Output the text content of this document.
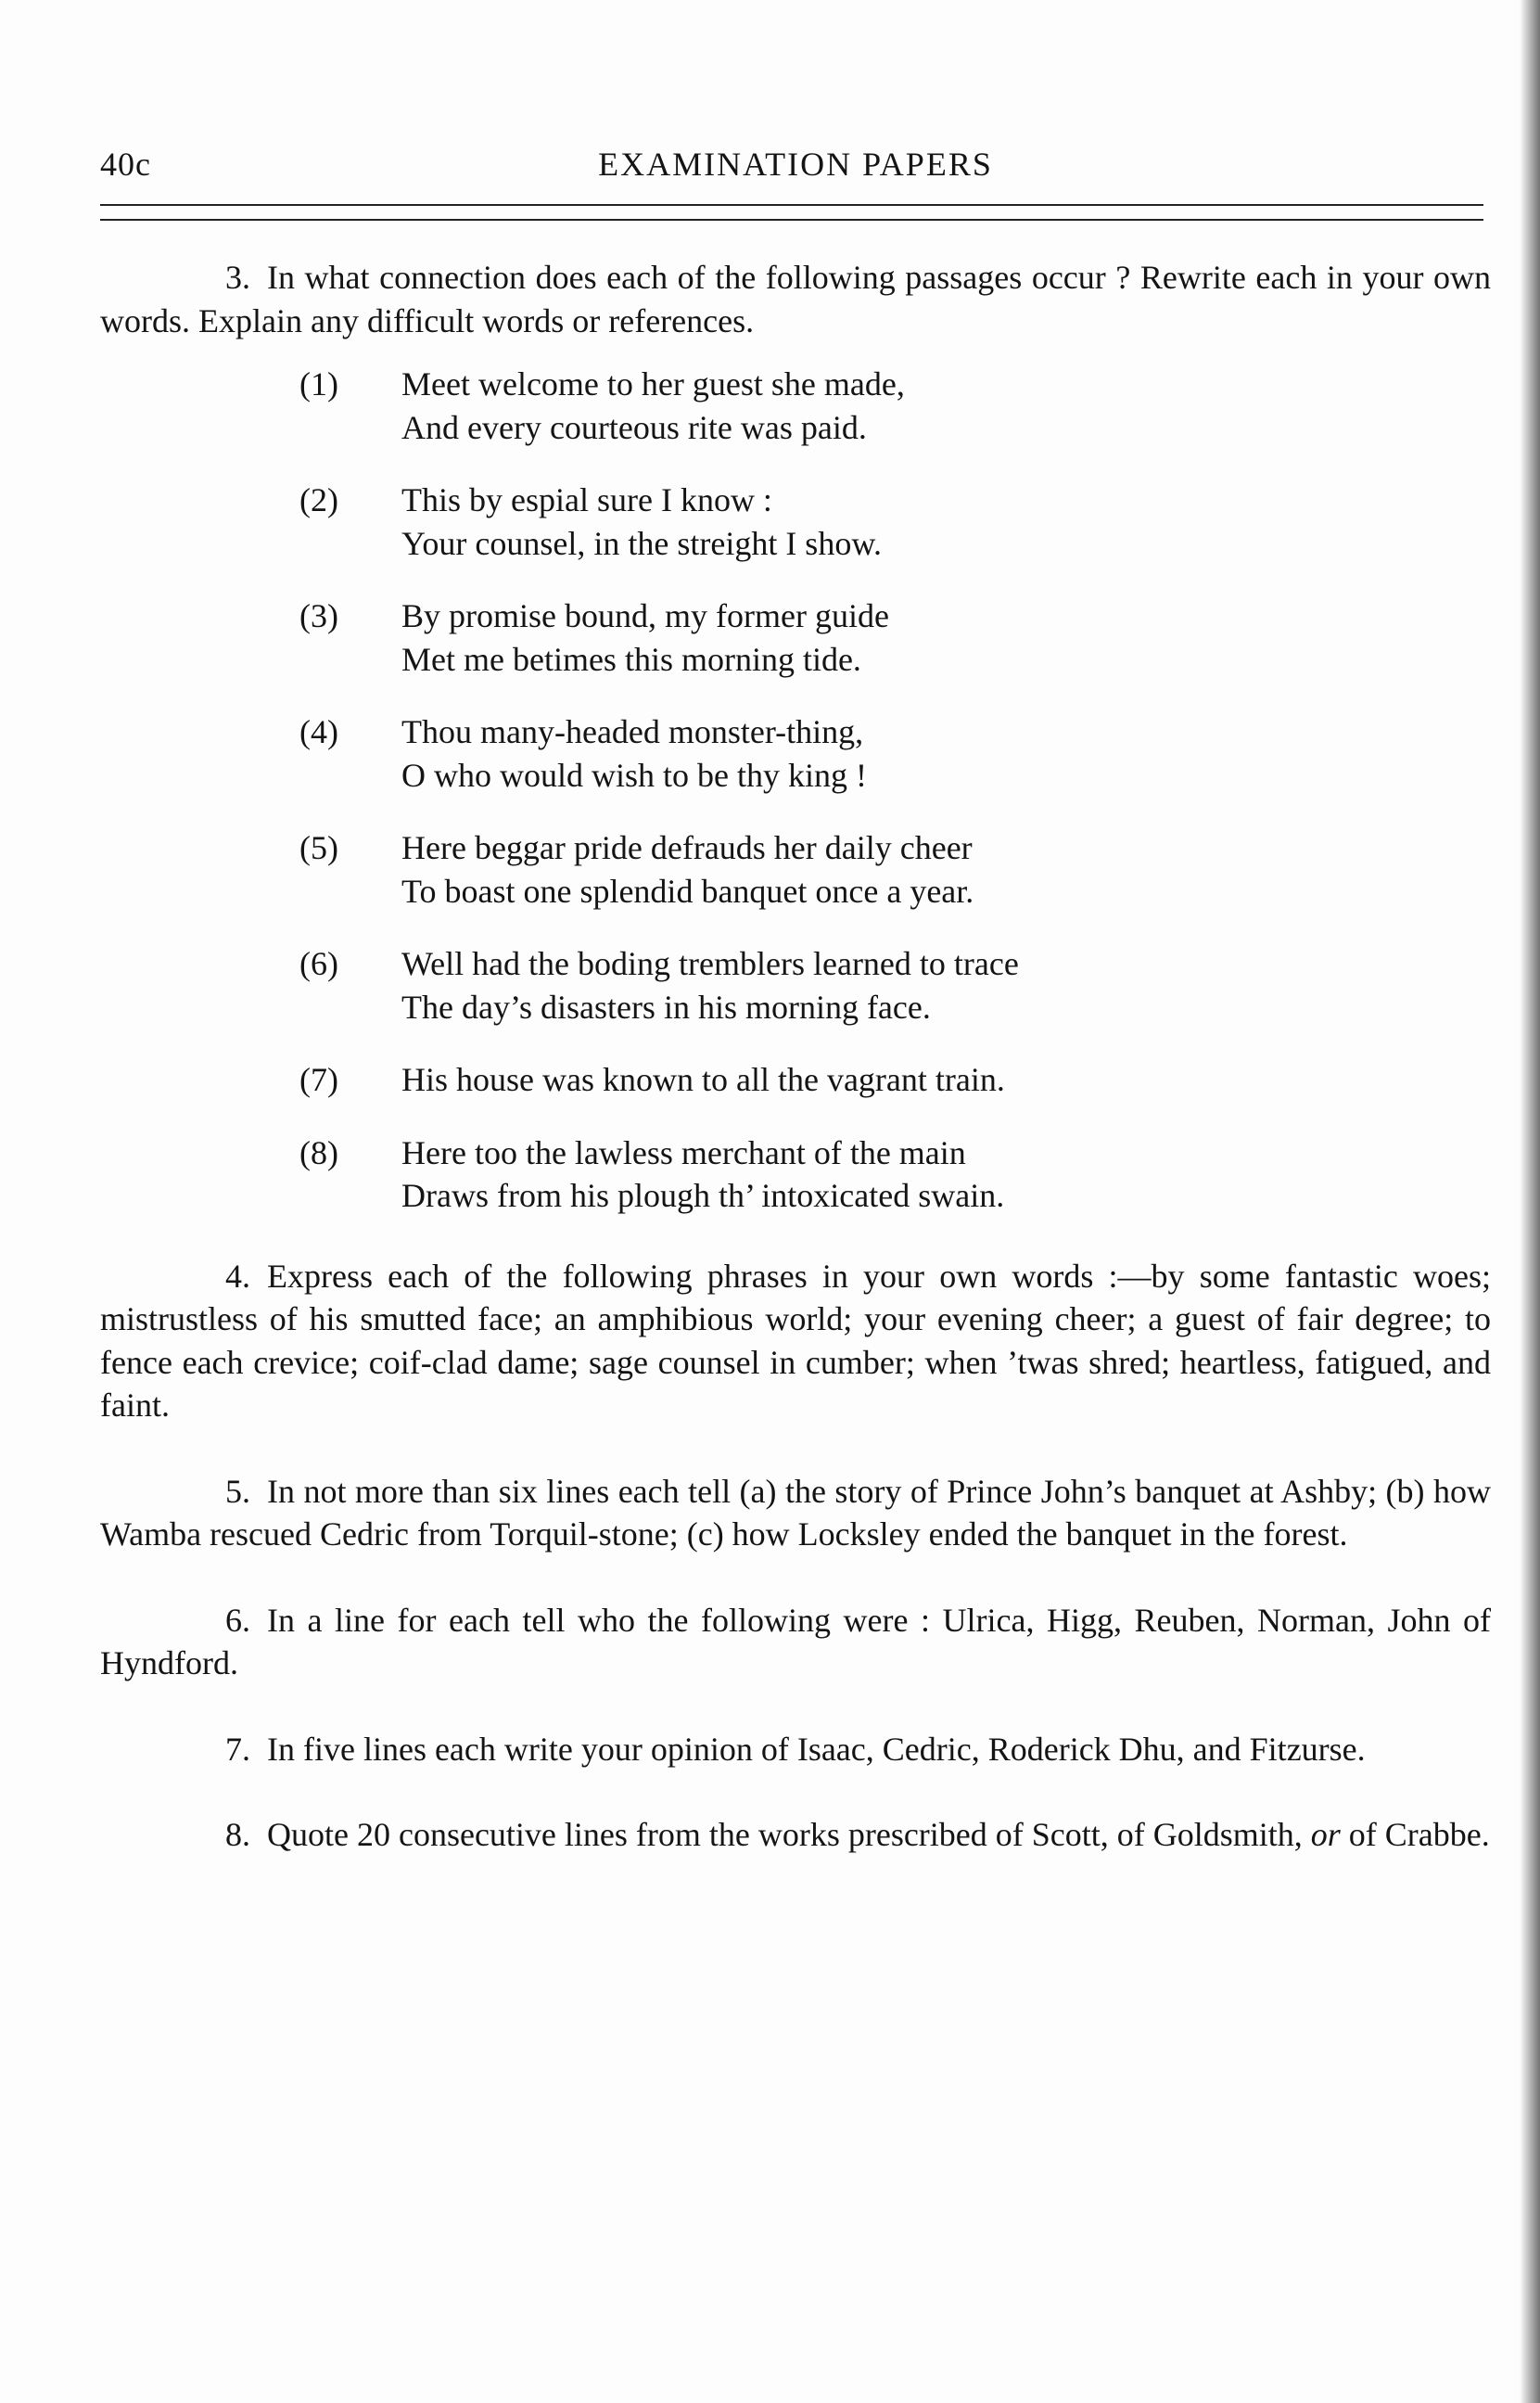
40c	EXAMINATION PAPERS

3. In what connection does each of the following passages occur ? Rewrite each in your own words. Explain any difficult words or references.

(1)	Meet welcome to her guest she made,
And every courteous rite was paid.
(2)	This by espial sure I know :
Your counsel, in the streight I show.
(3)	By promise bound, my former guide
Met me betimes this morning tide.
(4)	Thou many-headed monster-thing,
O who would wish to be thy king !
(5)	Here beggar pride defrauds her daily cheer
To boast one splendid banquet once a year.
(6)	Well had the boding tremblers learned to trace
The day’s disasters in his morning face.
(7)	His house was known to all the vagrant train.
(8)	Here too the lawless merchant of the main
Draws from his plough th’ intoxicated swain.

4. Express each of the following phrases in your own words :—by some fantastic woes; mistrustless of his smutted face; an amphibious world; your evening cheer; a guest of fair degree; to fence each crevice; coif-clad dame; sage counsel in cumber; when ’twas shred; heartless, fatigued, and faint.

5. In not more than six lines each tell (a) the story of Prince John’s banquet at Ashby; (b) how Wamba rescued Cedric from Torquil-stone; (c) how Locksley ended the banquet in the forest.

6. In a line for each tell who the following were : Ulrica, Higg, Reuben, Norman, John of Hyndford.

7. In five lines each write your opinion of Isaac, Cedric, Roderick Dhu, and Fitzurse.

8. Quote 20 consecutive lines from the works prescribed of Scott, of Goldsmith, or of Crabbe.
